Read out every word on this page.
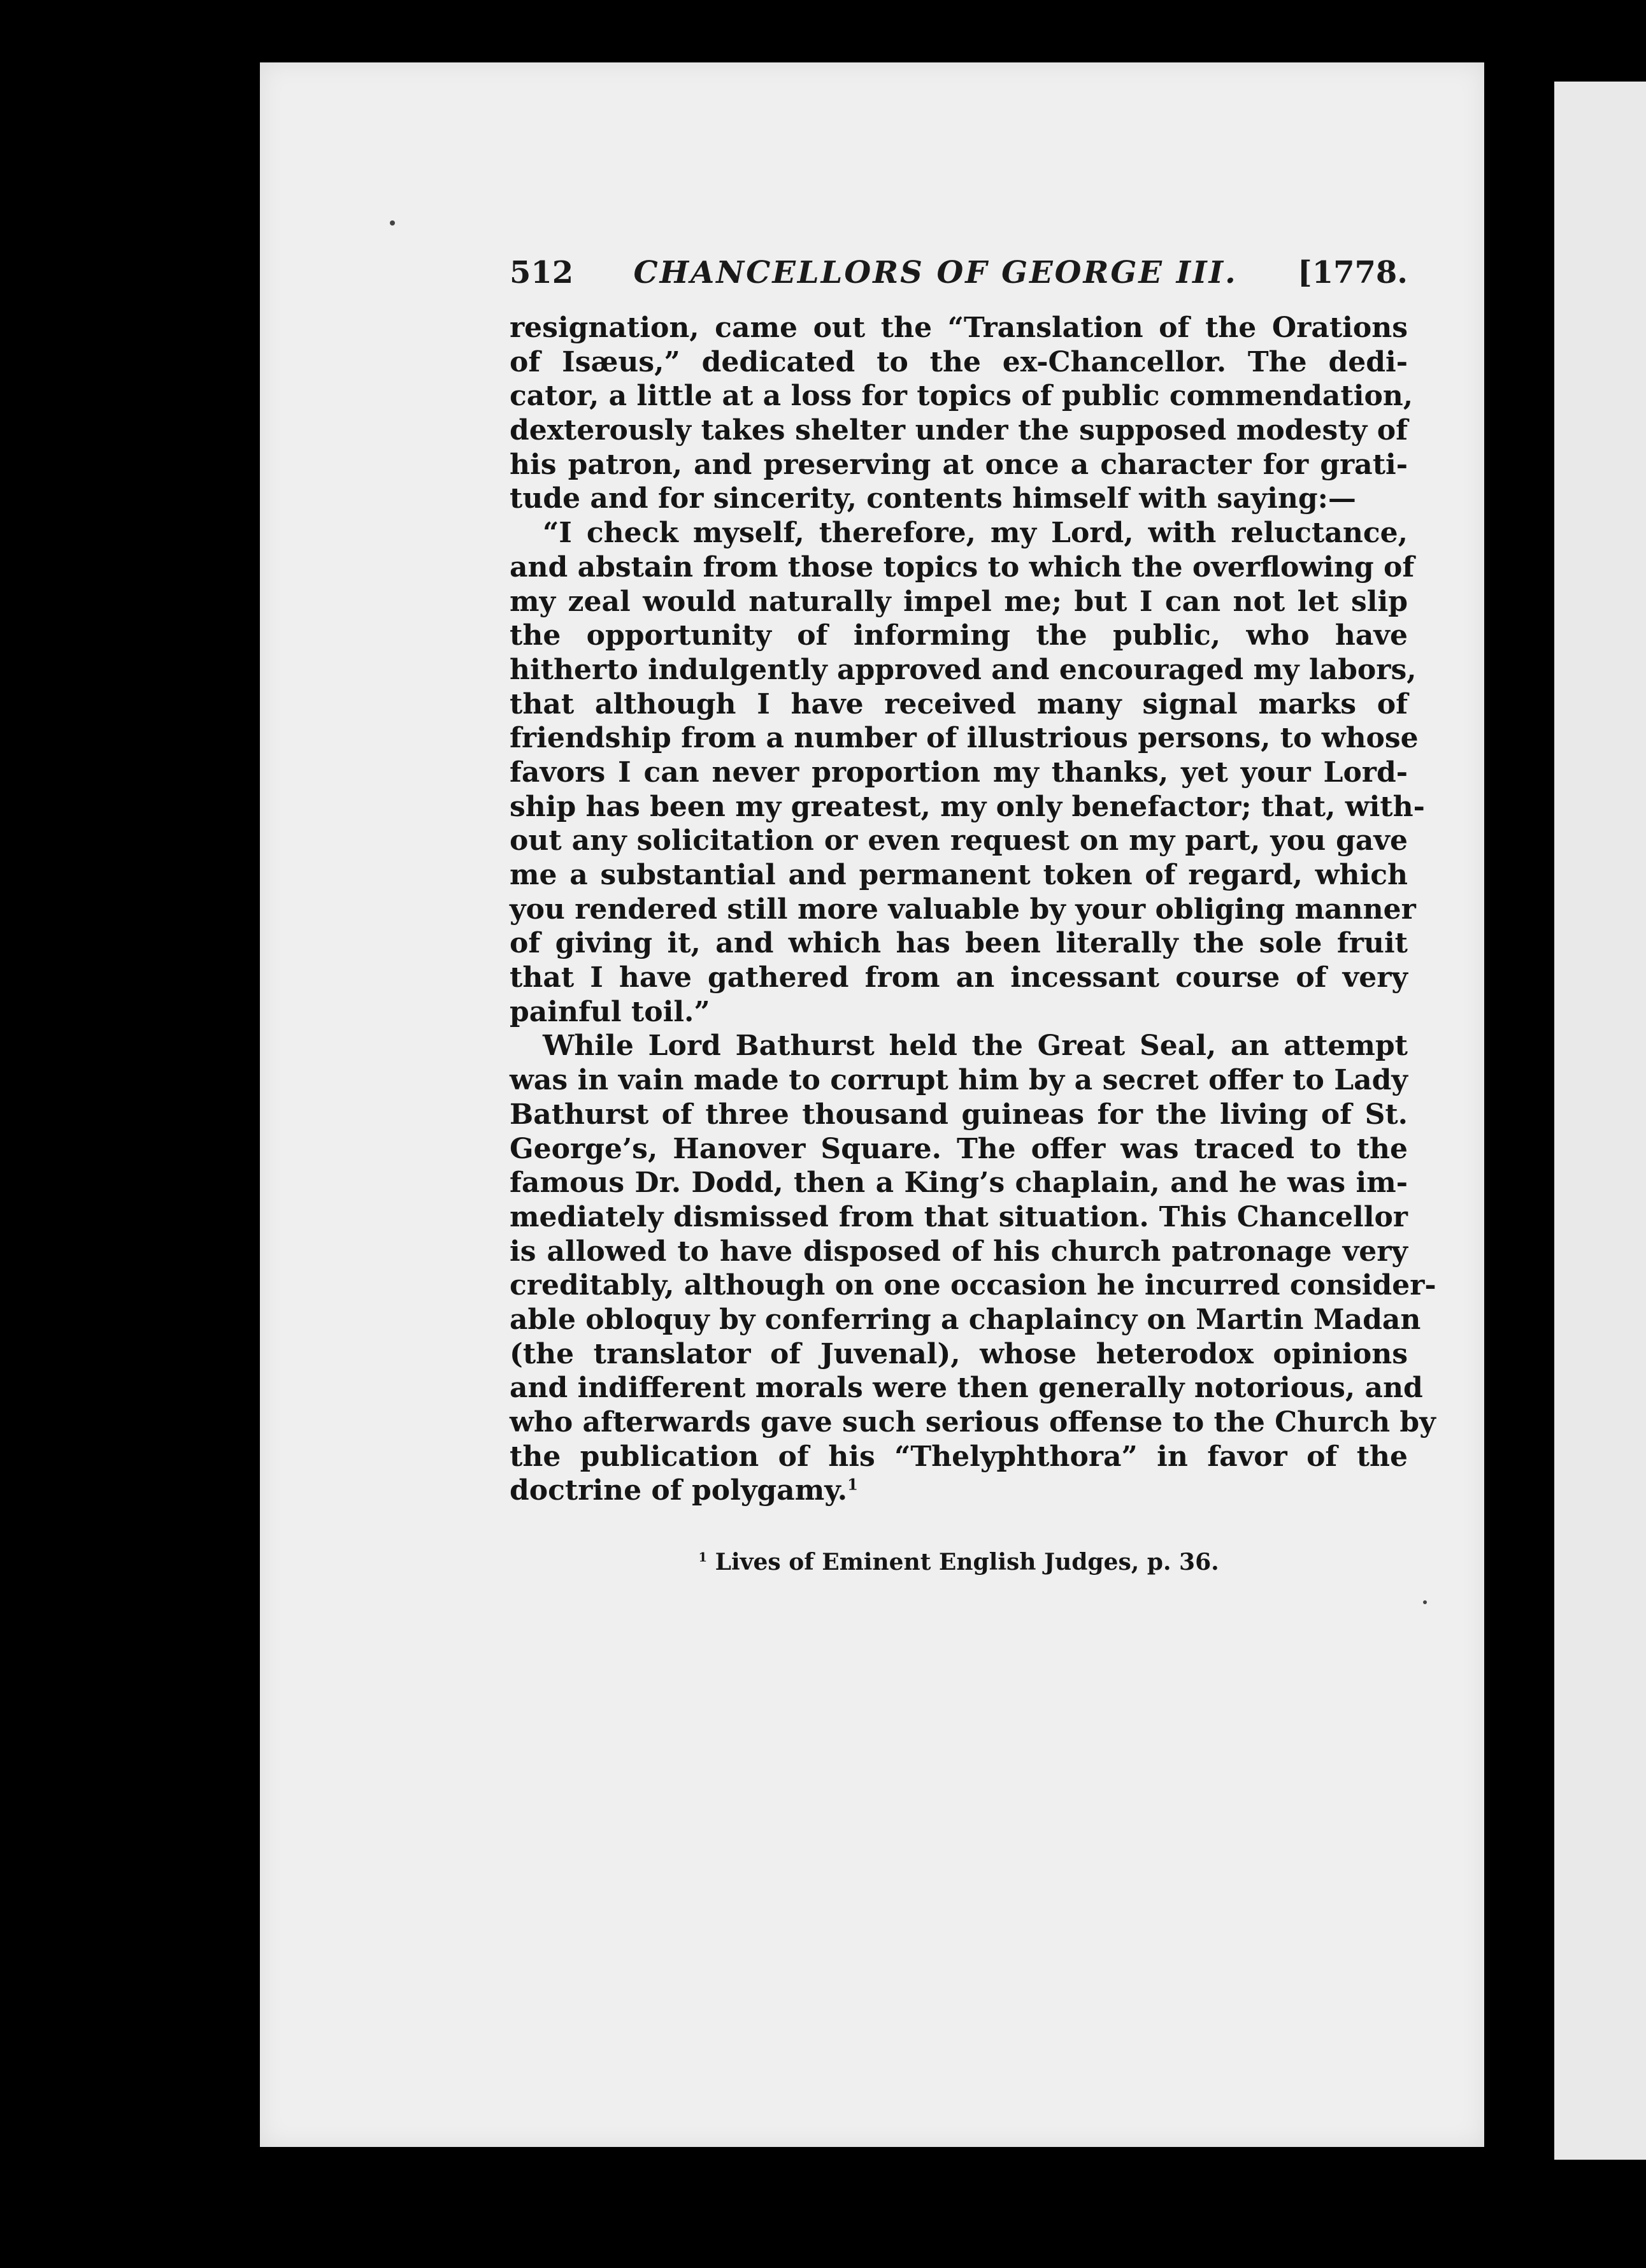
512 CHANCELLORS OF GEORGE III. [1778.
resignation, came out the “Translation of the Orations
of Isæus,” dedicated to the ex-Chancellor. The dedi-
cator, a little at a loss for topics of public commendation,
dexterously takes shelter under the supposed modesty of
his patron, and preserving at once a character for grati-
tude and for sincerity, contents himself with saying:—
“I check myself, therefore, my Lord, with reluctance,
and abstain from those topics to which the overflowing of
my zeal would naturally impel me; but I can not let slip
the opportunity of informing the public, who have
hitherto indulgently approved and encouraged my labors,
that although I have received many signal marks of
friendship from a number of illustrious persons, to whose
favors I can never proportion my thanks, yet your Lord-
ship has been my greatest, my only benefactor; that, with-
out any solicitation or even request on my part, you gave
me a substantial and permanent token of regard, which
you rendered still more valuable by your obliging manner
of giving it, and which has been literally the sole fruit
that I have gathered from an incessant course of very
painful toil.”
While Lord Bathurst held the Great Seal, an attempt
was in vain made to corrupt him by a secret offer to Lady
Bathurst of three thousand guineas for the living of St.
George’s, Hanover Square. The offer was traced to the
famous Dr. Dodd, then a King’s chaplain, and he was im-
mediately dismissed from that situation. This Chancellor
is allowed to have disposed of his church patronage very
creditably, although on one occasion he incurred consider-
able obloquy by conferring a chaplaincy on Martin Madan
(the translator of Juvenal), whose heterodox opinions
and indifferent morals were then generally notorious, and
who afterwards gave such serious offense to the Church by
the publication of his “Thelyphthora” in favor of the
doctrine of polygamy.$^1$
$^1$ Lives of Eminent English Judges, p. 36.
